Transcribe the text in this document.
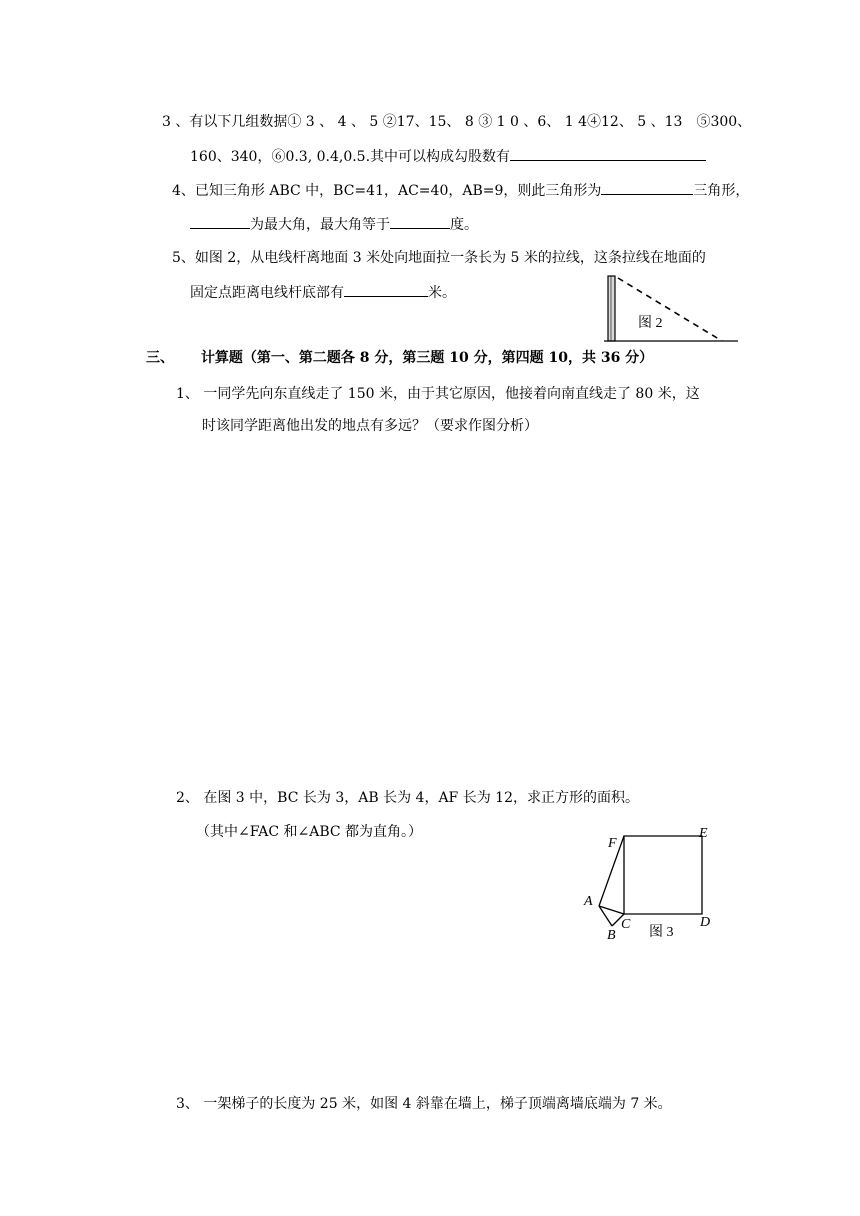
3 、有以下几组数据① 3 、 4 、 5 ②17、15、 8 ③ 1 0 、6、 1 4④12、 5 、13　⑤300、
160、340，⑥0.3, 0.4,0.5.其中可以构成勾股数有
4、已知三角形 ABC 中，BC=41，AC=40，AB=9，则此三角形为	三角形，
为最大角，最大角等于	度。
5、如图 2，从电线杆离地面 3 米处向地面拉一条长为 5 米的拉线，这条拉线在地面的
固定点距离电线杆底部有	米。
图 2
三、 计算题（第一、第二题各 8 分，第三题 10 分，第四题 10，共 36 分）
1、 一同学先向东直线走了 150 米，由于其它原因，他接着向南直线走了 80 米，这
时该同学距离他出发的地点有多远？（要求作图分析）
2、 在图 3 中，BC 长为 3，AB 长为 4，AF 长为 12，求正方形的面积。
（其中∠FAC 和∠ABC 都为直角。）
F
E
A
C	D
B 图 3
3、 一架梯子的长度为 25 米，如图 4 斜靠在墙上，梯子顶端离墙底端为 7 米。
